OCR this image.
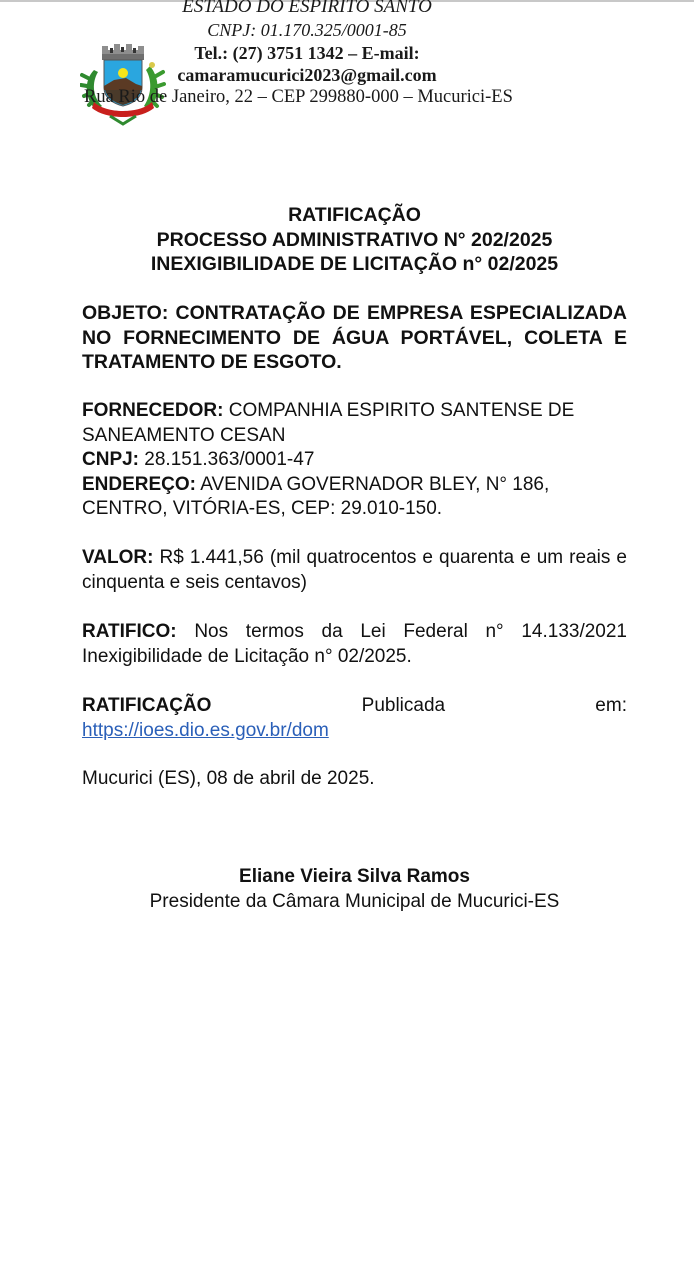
ESTADO DO ESPIRITO SANTO
CNPJ: 01.170.325/0001-85
Tel.: (27) 3751 1342 – E-mail:
camaramucurici2023@gmail.com
Rua Rio de Janeiro, 22 – CEP 299880-000 – Mucurici-ES
RATIFICAÇÃO
PROCESSO ADMINISTRATIVO N° 202/2025
INEXIGIBILIDADE DE LICITAÇÃO n° 02/2025
OBJETO: CONTRATAÇÃO DE EMPRESA ESPECIALIZADA NO FORNECIMENTO DE ÁGUA PORTÁVEL, COLETA E TRATAMENTO DE ESGOTO.
FORNECEDOR: COMPANHIA ESPIRITO SANTENSE DE SANEAMENTO CESAN
CNPJ: 28.151.363/0001-47
ENDEREÇO: AVENIDA GOVERNADOR BLEY, N° 186, CENTRO, VITÓRIA-ES, CEP: 29.010-150.
VALOR: R$ 1.441,56 (mil quatrocentos e quarenta e um reais e cinquenta e seis centavos)
RATIFICO: Nos termos da Lei Federal n° 14.133/2021 Inexigibilidade de Licitação n° 02/2025.
RATIFICAÇÃO	Publicada	em:
https://ioes.dio.es.gov.br/dom
Mucurici (ES), 08 de abril de 2025.
Eliane Vieira Silva Ramos
Presidente da Câmara Municipal de Mucurici-ES
